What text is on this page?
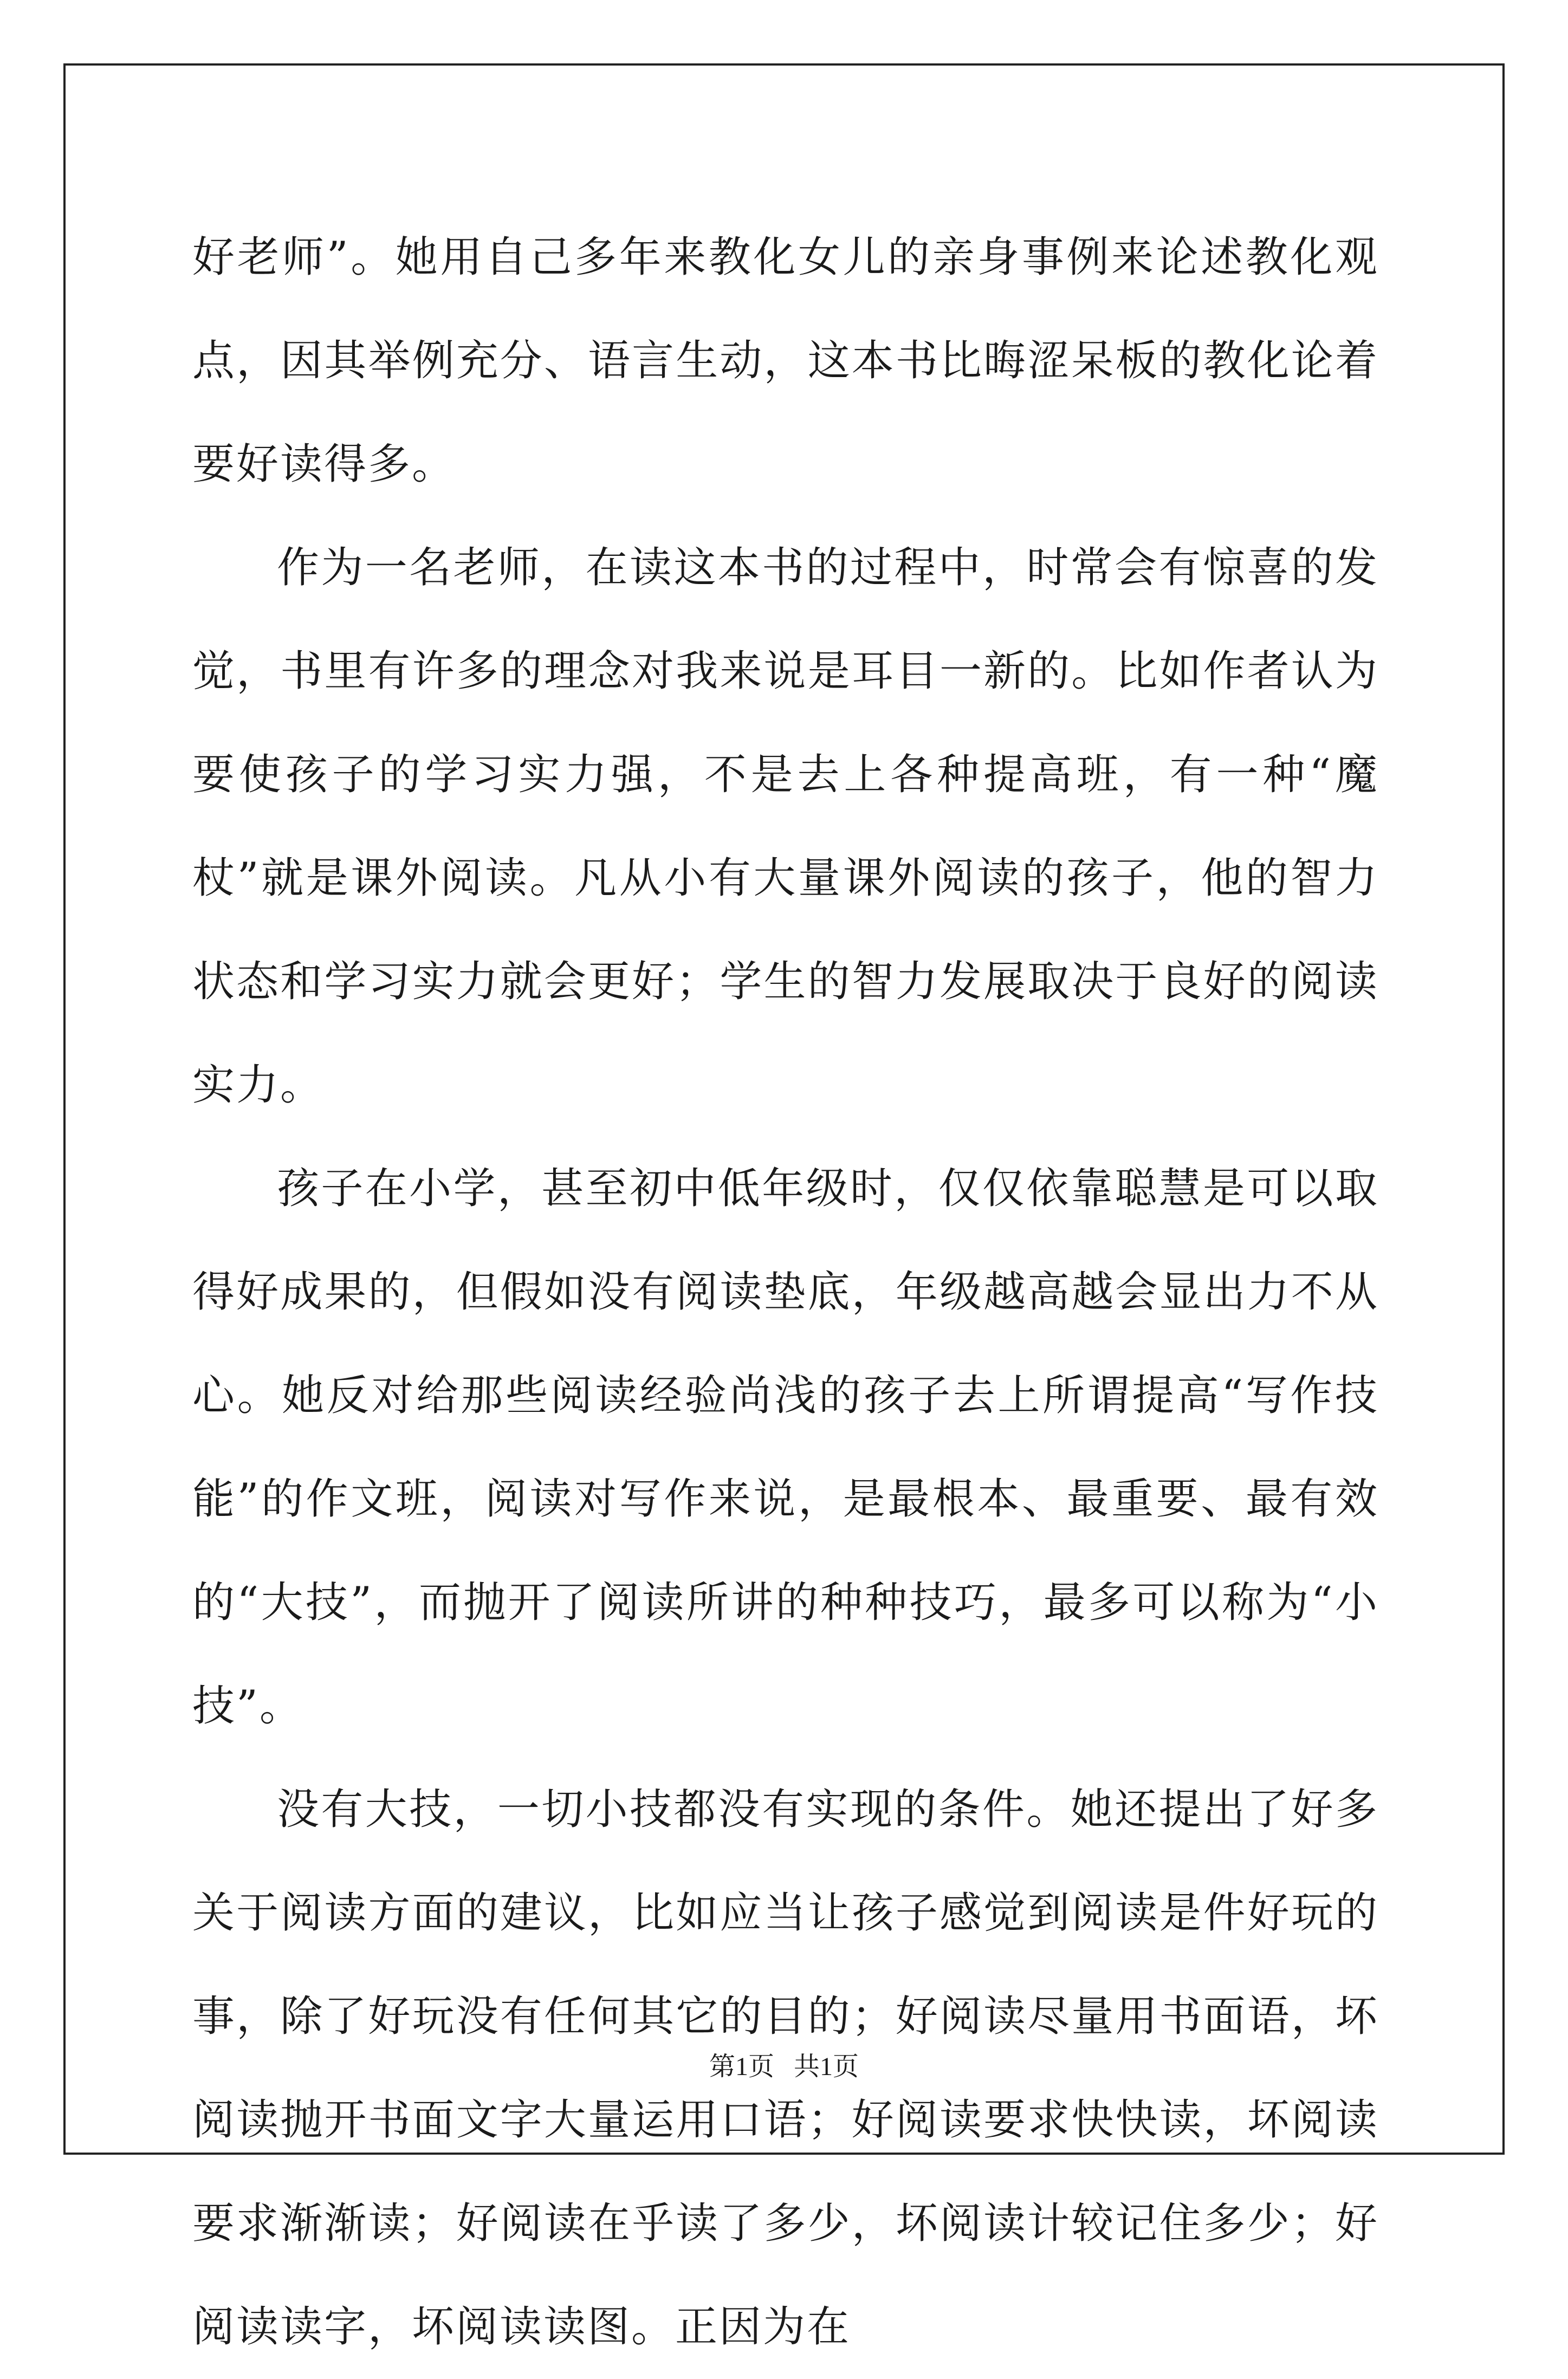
好老师”。她用自己多年来教化女儿的亲身事例来论述教化观点，因其举例充分、语言生动，这本书比晦涩呆板的教化论着要好读得多。

作为一名老师，在读这本书的过程中，时常会有惊喜的发觉，书里有许多的理念对我来说是耳目一新的。比如作者认为要使孩子的学习实力强，不是去上各种提高班，有一种“魔杖”就是课外阅读。凡从小有大量课外阅读的孩子，他的智力状态和学习实力就会更好；学生的智力发展取决于良好的阅读实力。

孩子在小学，甚至初中低年级时，仅仅依靠聪慧是可以取得好成果的，但假如没有阅读垫底，年级越高越会显出力不从心。她反对给那些阅读经验尚浅的孩子去上所谓提高“写作技能”的作文班，阅读对写作来说，是最根本、最重要、最有效的“大技”，而抛开了阅读所讲的种种技巧，最多可以称为“小技”。

没有大技，一切小技都没有实现的条件。她还提出了好多关于阅读方面的建议，比如应当让孩子感觉到阅读是件好玩的事，除了好玩没有任何其它的目的；好阅读尽量用书面语，坏阅读抛开书面文字大量运用口语；好阅读要求快快读，坏阅读要求渐渐读；好阅读在乎读了多少，坏阅读计较记住多少；好阅读读字，坏阅读读图。正因为在

第1页   共1页
